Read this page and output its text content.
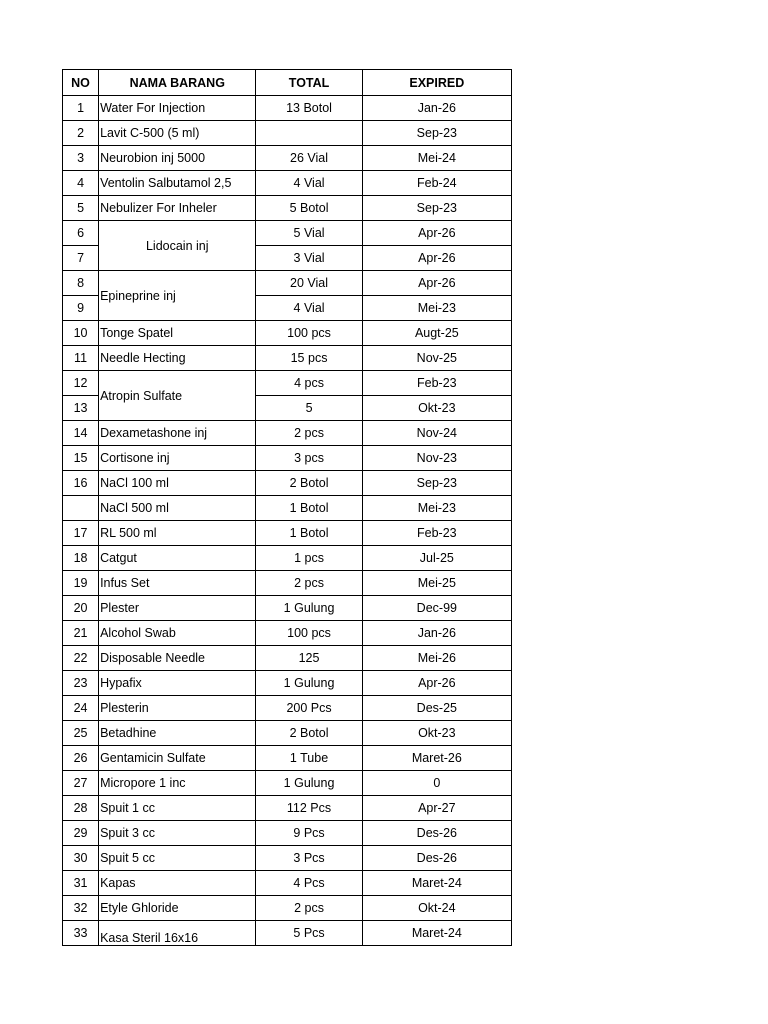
NO	NAMA BARANG	TOTAL	EXPIRED
1	Water For Injection	13 Botol	Jan-26
2	Lavit C-500 (5 ml)		Sep-23
3	Neurobion inj 5000	26 Vial	Mei-24
4	Ventolin Salbutamol 2,5	4 Vial	Feb-24
5	Nebulizer For Inheler	5 Botol	Sep-23
6	Lidocain inj	5 Vial	Apr-26
7		3 Vial	Apr-26
8	Epineprine inj	20 Vial	Apr-26
9		4 Vial	Mei-23
10	Tonge Spatel	100 pcs	Augt-25
11	Needle Hecting	15 pcs	Nov-25
12	Atropin Sulfate	4 pcs	Feb-23
13		5	Okt-23
14	Dexametashone inj	2 pcs	Nov-24
15	Cortisone inj	3 pcs	Nov-23
16	NaCl 100 ml	2 Botol	Sep-23
	NaCl 500 ml	1 Botol	Mei-23
17	RL 500 ml	1 Botol	Feb-23
18	Catgut	1 pcs	Jul-25
19	Infus Set	2 pcs	Mei-25
20	Plester	1 Gulung	Dec-99
21	Alcohol Swab	100 pcs	Jan-26
22	Disposable Needle	125	Mei-26
23	Hypafix	1 Gulung	Apr-26
24	Plesterin	200 Pcs	Des-25
25	Betadhine	2 Botol	Okt-23
26	Gentamicin Sulfate	1 Tube	Maret-26
27	Micropore 1 inc	1 Gulung	0
28	Spuit 1 cc	112 Pcs	Apr-27
29	Spuit 3 cc	9 Pcs	Des-26
30	Spuit 5 cc	3 Pcs	Des-26
31	Kapas	4 Pcs	Maret-24
32	Etyle Ghloride	2 pcs	Okt-24
33	Kasa Steril 16x16	5 Pcs	Maret-24
